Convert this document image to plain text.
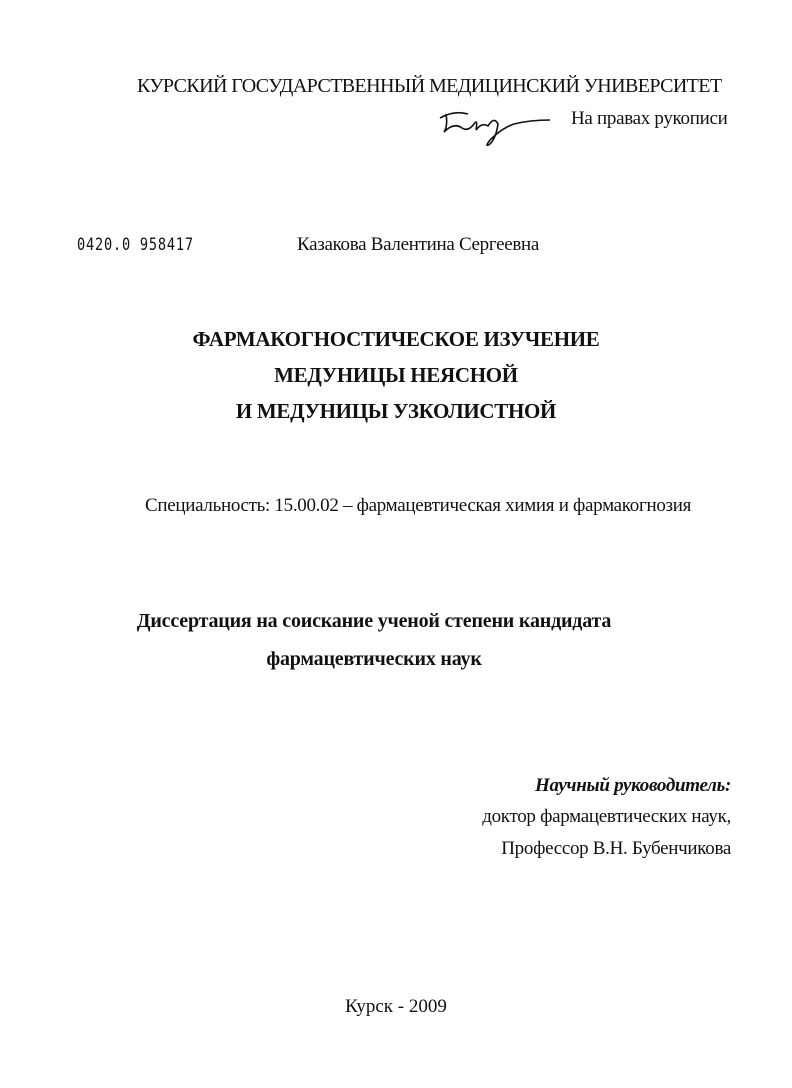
КУРСКИЙ ГОСУДАРСТВЕННЫЙ МЕДИЦИНСКИЙ УНИВЕРСИТЕТ
На правах рукописи
0420.0 958417	Казакова Валентина Сергеевна
ФАРМАКОГНОСТИЧЕСКОЕ ИЗУЧЕНИЕ
МЕДУНИЦЫ НЕЯСНОЙ
И МЕДУНИЦЫ УЗКОЛИСТНОЙ
Специальность: 15.00.02 – фармацевтическая химия и фармакогнозия
Диссертация на соискание ученой степени кандидата
фармацевтических наук
Научный руководитель:
доктор фармацевтических наук,
Профессор В.Н. Бубенчикова
Курск - 2009
